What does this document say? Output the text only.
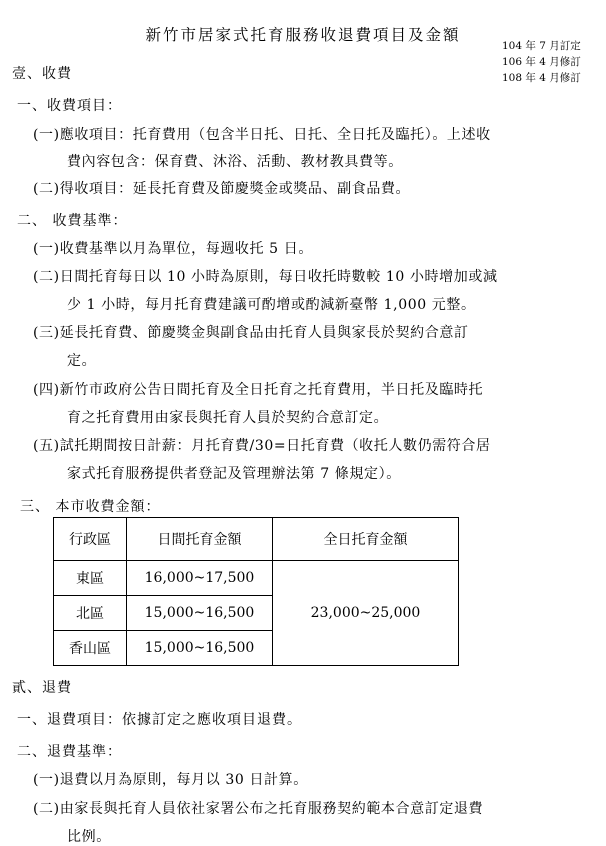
新竹市居家式托育服務收退費項目及金額
104 年 7 月訂定
106 年 4 月修訂
108 年 4 月修訂
壹、收費
一、收費項目：
(一)應收項目：托育費用（包含半日托、日托、全日托及臨托）。上述收
費內容包含：保育費、沐浴、活動、教材教具費等。
(二)得收項目：延長托育費及節慶獎金或獎品、副食品費。
二、 收費基準：
(一)收費基準以月為單位，每週收托 5 日。
(二)日間托育每日以 10 小時為原則，每日收托時數較 10 小時增加或減
少 1 小時，每月托育費建議可酌增或酌減新臺幣 1,000 元整。
(三)延長托育費、節慶獎金與副食品由托育人員與家長於契約合意訂
定。
(四)新竹市政府公告日間托育及全日托育之托育費用，半日托及臨時托
育之托育費用由家長與托育人員於契約合意訂定。
(五)試托期間按日計薪：月托育費/30=日托育費（收托人數仍需符合居
家式托育服務提供者登記及管理辦法第 7 條規定）。
三、 本市收費金額：
行政區	日間托育金額	全日托育金額
東區	16,000~17,500	23,000~25,000
北區	15,000~16,500	
香山區	15,000~16,500	
貳、退費
一、退費項目：依據訂定之應收項目退費。
二、退費基準：
(一)退費以月為原則，每月以 30 日計算。
(二)由家長與托育人員依社家署公布之托育服務契約範本合意訂定退費
比例。
